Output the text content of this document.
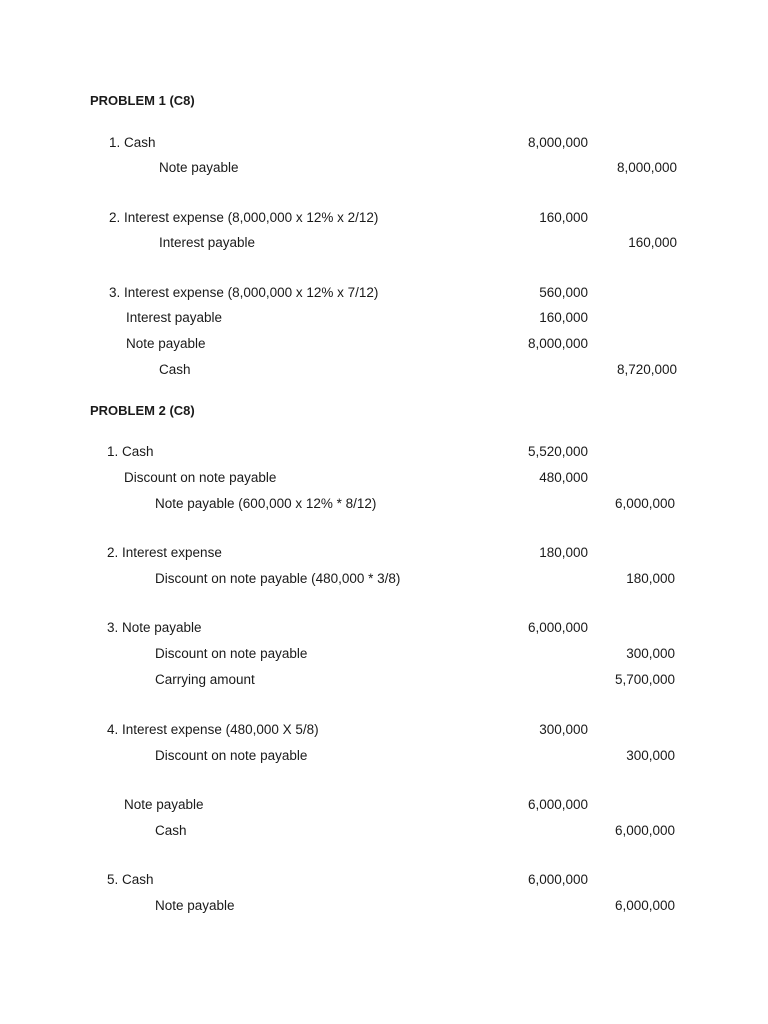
PROBLEM 1 (C8)
1. Cash	8,000,000
Note payable	8,000,000
2. Interest expense (8,000,000 x 12% x 2/12)	160,000
Interest payable	160,000
3. Interest expense (8,000,000 x 12% x 7/12)	560,000
Interest payable	160,000
Note payable	8,000,000
Cash	8,720,000
PROBLEM 2 (C8)
1. Cash	5,520,000
Discount on note payable	480,000
Note payable (600,000 x 12% * 8/12)	6,000,000
2. Interest expense	180,000
Discount on note payable (480,000 * 3/8)	180,000
3. Note payable	6,000,000
Discount on note payable	300,000
Carrying amount	5,700,000
4. Interest expense (480,000 X 5/8)	300,000
Discount on note payable	300,000
Note payable	6,000,000
Cash	6,000,000
5. Cash	6,000,000
Note payable	6,000,000
